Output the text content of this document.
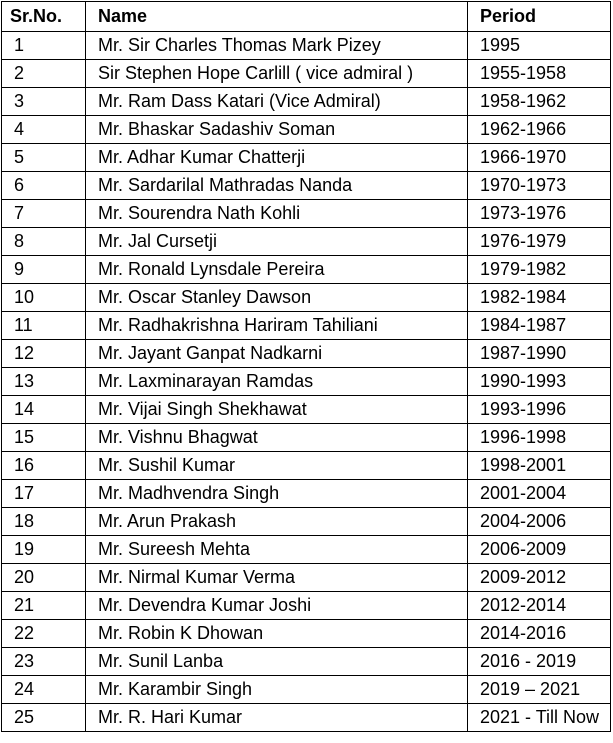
Sr.No.	Name	Period
1	Mr. Sir Charles Thomas Mark Pizey	1995
2	Sir Stephen Hope Carlill ( vice admiral )	1955-1958
3	Mr. Ram Dass Katari (Vice Admiral)	1958-1962
4	Mr. Bhaskar Sadashiv Soman	1962-1966
5	Mr. Adhar Kumar Chatterji	1966-1970
6	Mr. Sardarilal Mathradas Nanda	1970-1973
7	Mr. Sourendra Nath Kohli	1973-1976
8	Mr. Jal Cursetji	1976-1979
9	Mr. Ronald Lynsdale Pereira	1979-1982
10	Mr. Oscar Stanley Dawson	1982-1984
11	Mr. Radhakrishna Hariram Tahiliani	1984-1987
12	Mr. Jayant Ganpat Nadkarni	1987-1990
13	Mr. Laxminarayan Ramdas	1990-1993
14	Mr. Vijai Singh Shekhawat	1993-1996
15	Mr. Vishnu Bhagwat	1996-1998
16	Mr. Sushil Kumar	1998-2001
17	Mr. Madhvendra Singh	2001-2004
18	Mr. Arun Prakash	2004-2006
19	Mr. Sureesh Mehta	2006-2009
20	Mr. Nirmal Kumar Verma	2009-2012
21	Mr. Devendra Kumar Joshi	2012-2014
22	Mr. Robin K Dhowan	2014-2016
23	Mr. Sunil Lanba	2016 - 2019
24	Mr. Karambir Singh	2019 – 2021
25	Mr. R. Hari Kumar	2021 - Till Now
